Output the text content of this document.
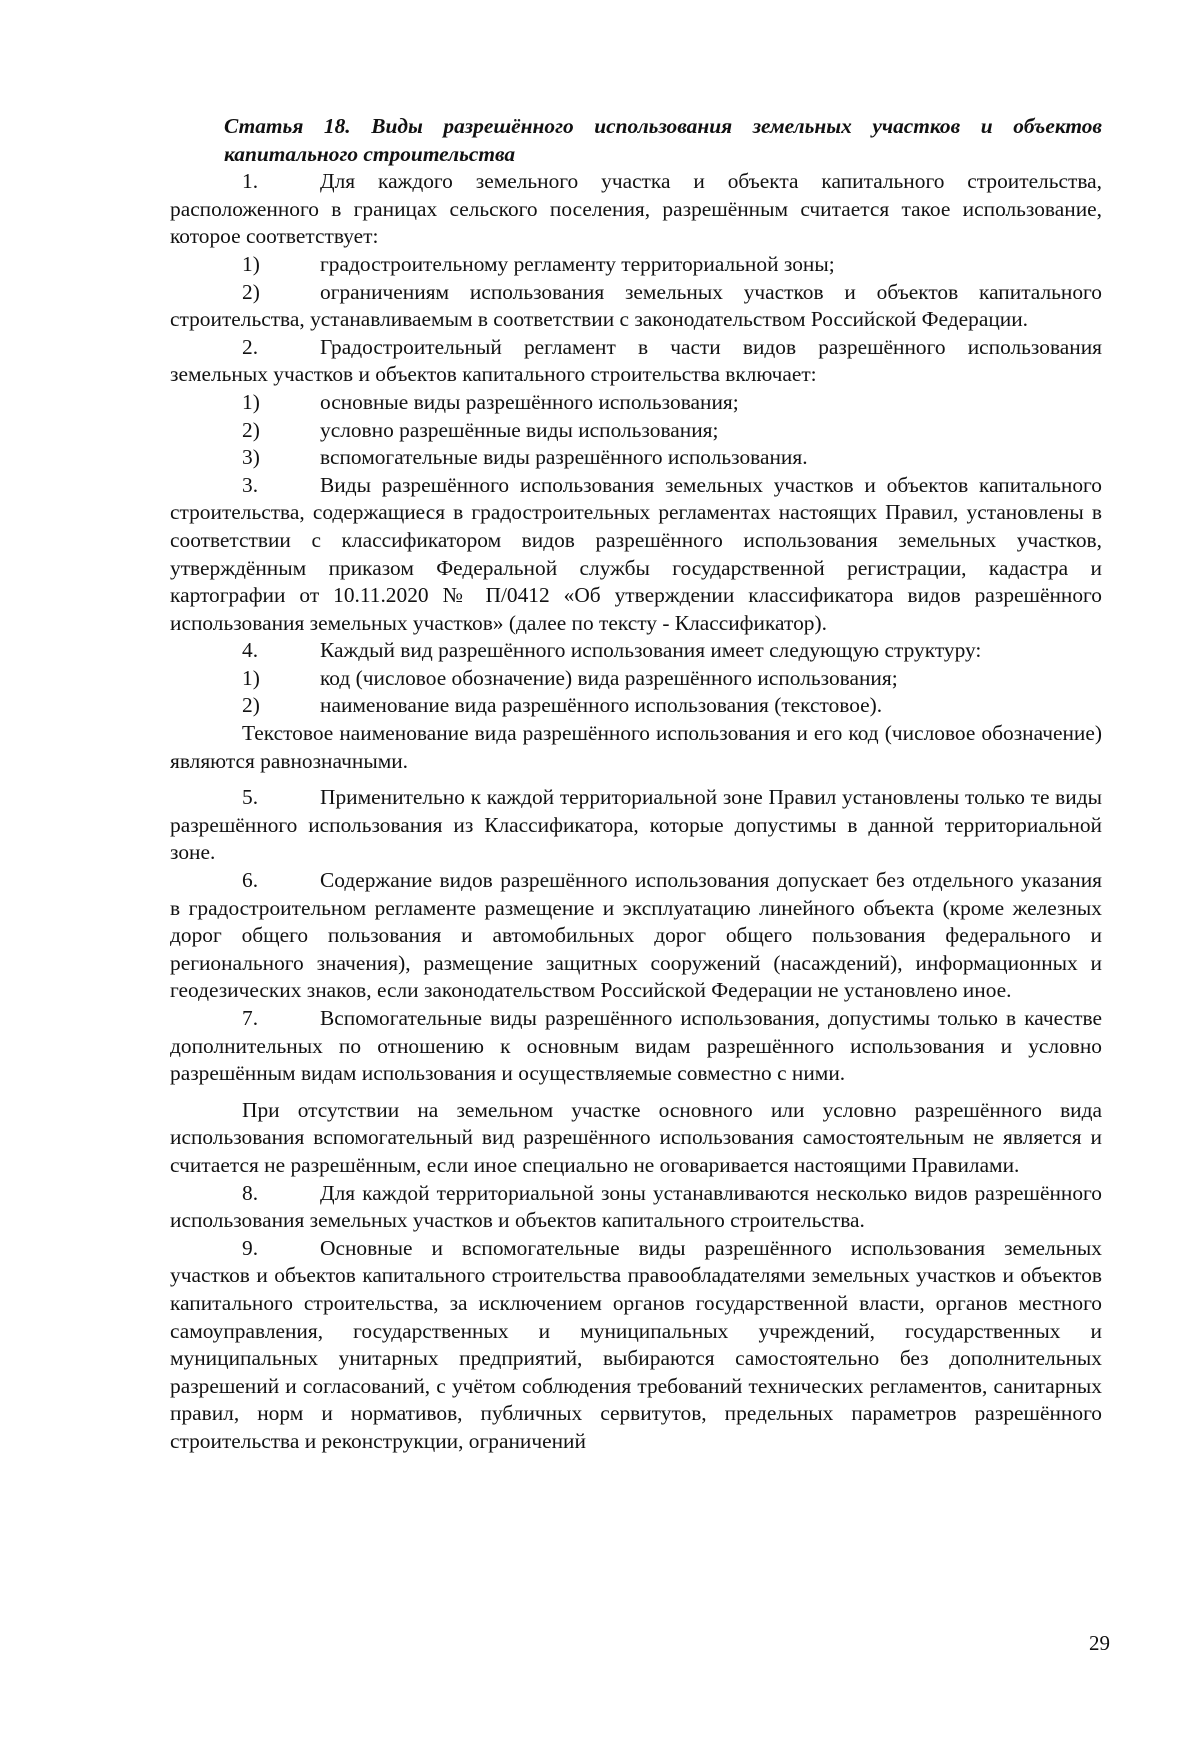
Статья 18. Виды разрешённого использования земельных участков и объектов капитального строительства

1.	Для каждого земельного участка и объекта капитального строительства, расположенного в границах сельского поселения, разрешённым считается такое использование, которое соответствует:

1)	градостроительному регламенту территориальной зоны;

2)	ограничениям использования земельных участков и объектов капитального строительства, устанавливаемым в соответствии с законодательством Российской Федерации.

2.	Градостроительный регламент в части видов разрешённого использования земельных участков и объектов капитального строительства включает:

1)	основные виды разрешённого использования;
2)	условно разрешённые виды использования;
3)	вспомогательные виды разрешённого использования.

3.	Виды разрешённого использования земельных участков и объектов капитального строительства, содержащиеся в градостроительных регламентах настоящих Правил, установлены в соответствии с классификатором видов разрешённого использования земельных участков, утверждённым приказом Федеральной службы государственной регистрации, кадастра и картографии от 10.11.2020 № П/0412 «Об утверждении классификатора видов разрешённого использования земельных участков» (далее по тексту - Классификатор).

4.	Каждый вид разрешённого использования имеет следующую структуру:

1)	код (числовое обозначение) вида разрешённого использования;
2)	наименование вида разрешённого использования (текстовое).

Текстовое наименование вида разрешённого использования и его код (числовое обозначение) являются равнозначными.

5.	Применительно к каждой территориальной зоне Правил установлены только те виды разрешённого использования из Классификатора, которые допустимы в данной территориальной зоне.

6.	Содержание видов разрешённого использования допускает без отдельного указания в градостроительном регламенте размещение и эксплуатацию линейного объекта (кроме железных дорог общего пользования и автомобильных дорог общего пользования федерального и регионального значения), размещение защитных сооружений (насаждений), информационных и геодезических знаков, если законодательством Российской Федерации не установлено иное.

7.	Вспомогательные виды разрешённого использования, допустимы только в качестве дополнительных по отношению к основным видам разрешённого использования и условно разрешённым видам использования и осуществляемые совместно с ними.

При отсутствии на земельном участке основного или условно разрешённого вида использования вспомогательный вид разрешённого использования самостоятельным не является и считается не разрешённым, если иное специально не оговаривается настоящими Правилами.

8.	Для каждой территориальной зоны устанавливаются несколько видов разрешённого использования земельных участков и объектов капитального строительства.

9.	Основные и вспомогательные виды разрешённого использования земельных участков и объектов капитального строительства правообладателями земельных участков и объектов капитального строительства, за исключением органов государственной власти, органов местного самоуправления, государственных и муниципальных учреждений, государственных и муниципальных унитарных предприятий, выбираются самостоятельно без дополнительных разрешений и согласований, с учётом соблюдения требований технических регламентов, санитарных правил, норм и нормативов, публичных сервитутов, предельных параметров разрешённого строительства и реконструкции, ограничений

29
